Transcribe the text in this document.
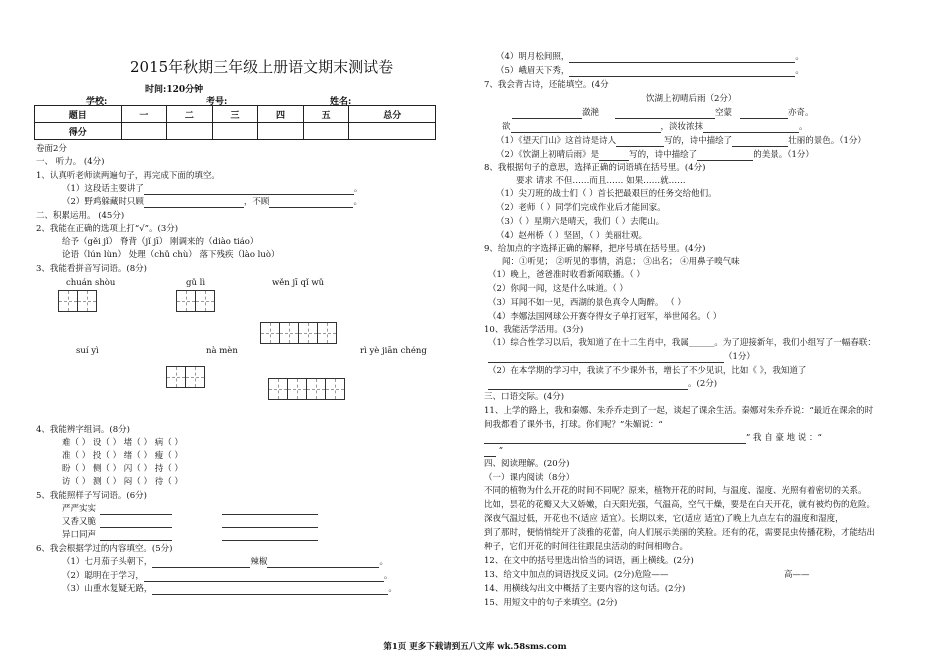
2015年秋期三年级上册语文期末测试卷
时间:120分钟
学校:	考号:	姓名:
题目	一	二	三	四	五	总分
得分						
卷面2分
一、 听力。 (4分)
1、认真听老师读两遍句子，再完成下面的填空。
（1）这段话主要讲了	。
（2）野鸡躲藏时只顾	，不顾	。
二、积累运用。 (45分)
2、我能在正确的选项上打“√”。(3分)
给予（gěi jǐ） 脊背（jǐ jī） 刚调来的（diào tiáo）
论语（lún lùn） 处理（chǔ chù） 落下残疾（lào luò）
3、我能看拼音写词语。(8分)
chuán shòu	gǔ lì	wěn jī qǐ wǔ
suí yì	nà mèn	rì yè jiān chéng
4、我能辨字组词。(8分)
难（ ） 设（ ） 堵（ ） 病（ ）
准（ ） 投（ ） 绪（ ） 瘦（ ）
盼（ ） 侧（ ） 闪（ ） 持（ ）
访（ ） 测（ ） 闷（ ） 待（ ）
5、我能照样子写词语。(6分)
严严实实
又香又脆
异口同声
6、我会根据学过的内容填空。(5分)
（1）七月茄子头朝下，	辣椒	。
（2）聪明在于学习，	。
（3）山重水复疑无路，	。
（4）明月松间照，	。
（5）峨眉天下秀，	。
7、我会背古诗，还能填空。(4分
饮湖上初晴后雨（2分）
潋滟	空蒙	亦奇。
欲	，淡妆浓抹	。
（1）《望天门山》这首诗是诗人	写的，诗中描绘了	壮丽的景色。（1分）
（2）《饮湖上初晴后雨》是	写的，诗中描绘了	的美景。（1分）
8、我根据句子的意思，选择正确的词语填在括号里。(4分)
要求 请求 不但……而且…… 如果……就……
（1）尖刀班的战士们（ ）首长把最艰巨的任务交给他们。
（2）老师（ ）同学们完成作业后才能回家。
（3）（ ）星期六是晴天，我们（ ）去爬山。
（4）赵州桥（ ）坚固，（ ）美丽壮观。
9、给加点的字选择正确的解释，把序号填在括号里。(4分)
闻：①听见； ②听见的事情，消息； ③出名； ④用鼻子嗅气味
（1）晚上，爸爸准时收看新闻联播。（ ）
（2）你闻一闻，这是什么味道。（ ）
（3）耳闻不如一见，西湖的景色真令人陶醉。 （ ）
（4）李娜法国网球公开赛夺得女子单打冠军，举世闻名。（ ）
10、我能活学活用。(3分)
（1）综合性学习以后，我知道了在十二生肖中，我属______。为了迎接新年，我们小组写了一幅春联：
（1分）
（2）在本学期的学习中，我读了不少课外书，增长了不少见识，比如《 》，我知道了
。(2分)
三、口语交际。(4分)
11、上学的路上，我和秦娜、朱乔乔走到了一起，谈起了课余生活。秦娜对朱乔乔说：“最近在课余的时
间我都看了课外书，打球。你们呢？”朱媚说：“
” 我 自 豪 地 说 ：“
”
四、阅读理解。(20分)
（一）课内阅读（8分）
不同的植物为什么开花的时间不同呢？原来，植物开花的时间，与温度、湿度、光照有着密切的关系。
比如，昙花的花瓣又大又娇嫩，白天阳光强，气温高，空气干燥，要是在白天开花，就有被灼伤的危险。
深夜气温过低，开花也不(适应 适宜）。长期以来，它(适应 适宜)了晚上九点左右的温度和湿度，
到了那时，便悄悄绽开了淡雅的花蕾，向人们展示美丽的笑脸。还有的花，需要昆虫传播花粉，才能结出
种子，它们开花的时间往往跟昆虫活动的时间相吻合。
12、在文中的括号里选出恰当的词语，画上横线。(2分)
13、给文中加点的词语找反义词。(2分)危险——	高——
14、用横线勾出文中概括了主要内容的这句话。(2分)
15、用短文中的句子来填空。(2分)
第1页 更多下载请到五八文库 wk.58sms.com
